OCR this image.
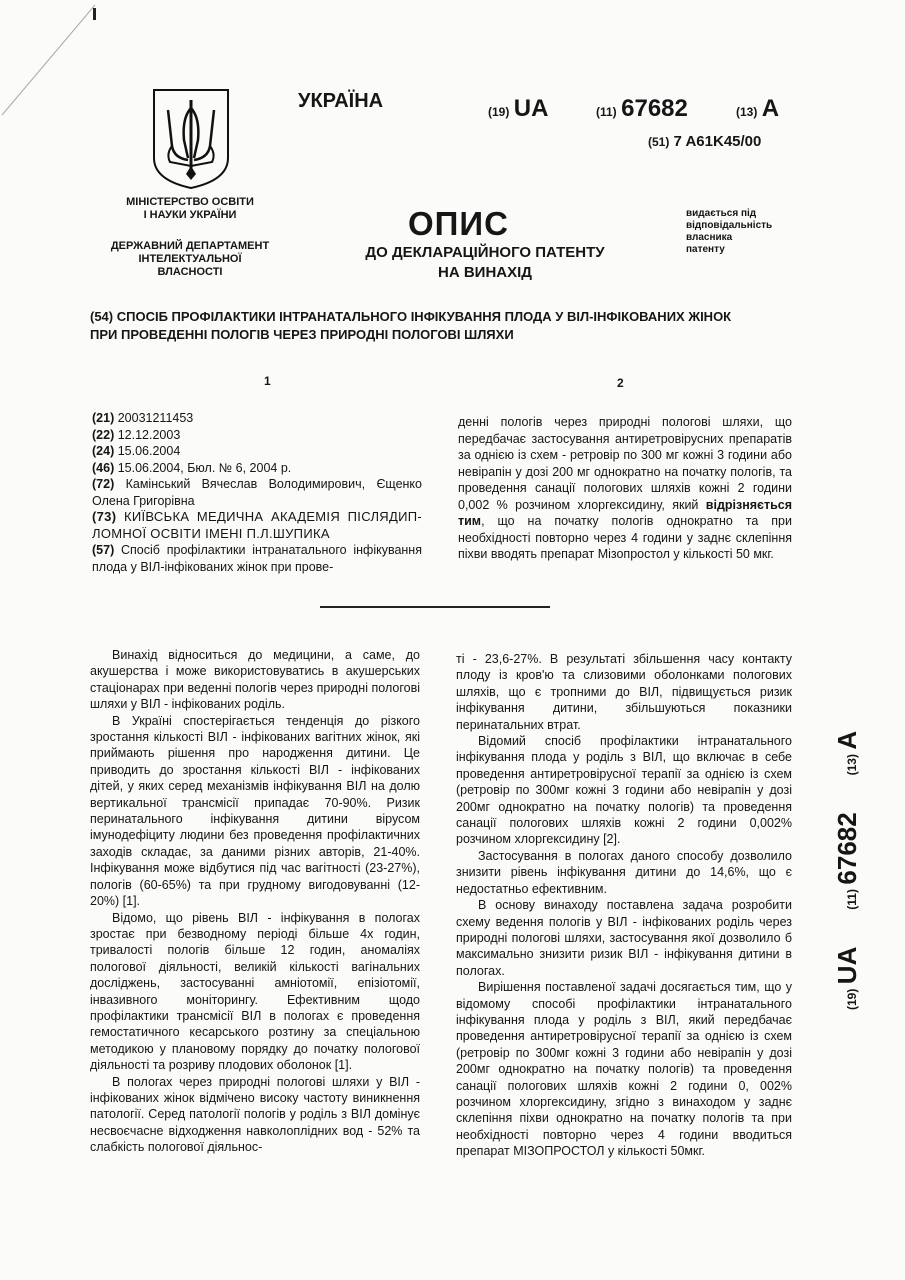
МІНІСТЕРСТВО ОСВІТИ
І НАУКИ УКРАЇНИ
ДЕРЖАВНИЙ ДЕПАРТАМЕНТ
ІНТЕЛЕКТУАЛЬНОЇ
ВЛАСНОСТІ
УКРАЇНА	(19) UA	(11) 67682	(13) A
(51) 7 A61K45/00
ОПИС
ДО ДЕКЛАРАЦІЙНОГО ПАТЕНТУ
НА ВИНАХІД
видається під
відповідальність
власника
патенту
(54) СПОСІБ ПРОФІЛАКТИКИ ІНТРАНАТАЛЬНОГО ІНФІКУВАННЯ ПЛОДА У ВІЛ-ІНФІКОВАНИХ ЖІНОК
ПРИ ПРОВЕДЕННІ ПОЛОГІВ ЧЕРЕЗ ПРИРОДНІ ПОЛОГОВІ ШЛЯХИ
1	2
(21) 20031211453
(22) 12.12.2003
(24) 15.06.2004
(46) 15.06.2004, Бюл. № 6, 2004 р.
(72) Камінський Вячеслав Володимирович, Єщенко Олена Григорівна
(73) КИЇВСЬКА МЕДИЧНА АКАДЕМІЯ ПІСЛЯДИП-ЛОМНОЇ ОСВІТИ ІМЕНІ П.Л.ШУПИКА
(57) Спосіб профілактики інтранатального інфікування плода у ВІЛ-інфікованих жінок при прове-
денні пологів через природні пологові шляхи, що передбачає застосування антиретровірусних препаратів за однією із схем - ретровір по 300 мг кожні 3 години або невірапін у дозі 200 мг однократно на початку пологів, та проведення санації пологових шляхів кожні 2 години 0,002 % розчином хлоргексидину, який відрізняється тим, що на початку пологів однократно та при необхідності повторно через 4 години у заднє склепіння піхви вводять препарат Мізопростол у кількості 50 мкг.

Винахід відноситься до медицини, а саме, до акушерства і може використовуватись в акушерських стаціонарах при веденні пологів через природні пологові шляхи у ВІЛ - інфікованих роділь.

В Україні спостерігається тенденція до різкого зростання кількості ВІЛ - інфікованих вагітних жінок, які приймають рішення про народження дитини. Це приводить до зростання кількості ВІЛ - інфікованих дітей, у яких серед механізмів інфікування ВІЛ на долю вертикальної трансмісії припадає 70-90%. Ризик перинатального інфікування дитини вірусом імунодефіциту людини без проведення профілактичних заходів складає, за даними різних авторів, 21-40%. Інфікування може відбутися під час вагітності (23-27%), пологів (60-65%) та при грудному вигодовуванні (12-20%) [1].

Відомо, що рівень ВІЛ - інфікування в пологах зростає при безводному періоді більше 4х годин, тривалості пологів більше 12 годин, аномаліях пологової діяльності, великій кількості вагінальних досліджень, застосуванні амніотомії, епізіотомії, інвазивного моніторингу. Ефективним щодо профілактики трансмісії ВІЛ в пологах є проведення гемостатичного кесарського розтину за спеціальною методикою у плановому порядку до початку пологової діяльності та розриву плодових оболонок [1].

В пологах через природні пологові шляхи у ВІЛ - інфікованих жінок відмічено високу частоту виникнення патології. Серед патології пологів у роділь з ВІЛ домінує несвоєчасне відходження навколоплідних вод - 52% та слабкість пологової діяльнос-

ті - 23,6-27%. В результаті збільшення часу контакту плоду із кров'ю та слизовими оболонками пологових шляхів, що є тропними до ВІЛ, підвищується ризик інфікування дитини, збільшуються показники перинатальних втрат.

Відомий спосіб профілактики інтранатального інфікування плода у роділь з ВІЛ, що включає в себе проведення антиретровірусної терапії за однією із схем (ретровір по 300мг кожні 3 години або невірапін у дозі 200мг однократно на початку пологів) та проведення санації пологових шляхів кожні 2 години 0,002% розчином хлоргексидину [2].

Застосування в пологах даного способу дозволило знизити рівень інфікування дитини до 14,6%, що є недостатньо ефективним.

В основу винаходу поставлена задача розробити схему ведення пологів у ВІЛ - інфікованих роділь через природні пологові шляхи, застосування якої дозволило б максимально знизити ризик ВІЛ - інфікування дитини в пологах.

Вирішення поставленої задачі досягається тим, що у відомому способі профілактики інтранатального інфікування плода у роділь з ВІЛ, який передбачає проведення антиретровірусної терапії за однією із схем (ретровір по 300мг кожні 3 години або невірапін у дозі 200мг однократно на початку пологів) та проведення санації пологових шляхів кожні 2 години 0, 002% розчином хлоргексидину, згідно з винаходом у заднє склепіння піхви однократно на початку пологів та при необхідності повторно через 4 години вводиться препарат МІЗОПРОСТОЛ у кількості 50мкг.

(19) UA  (11) 67682  (13) A
